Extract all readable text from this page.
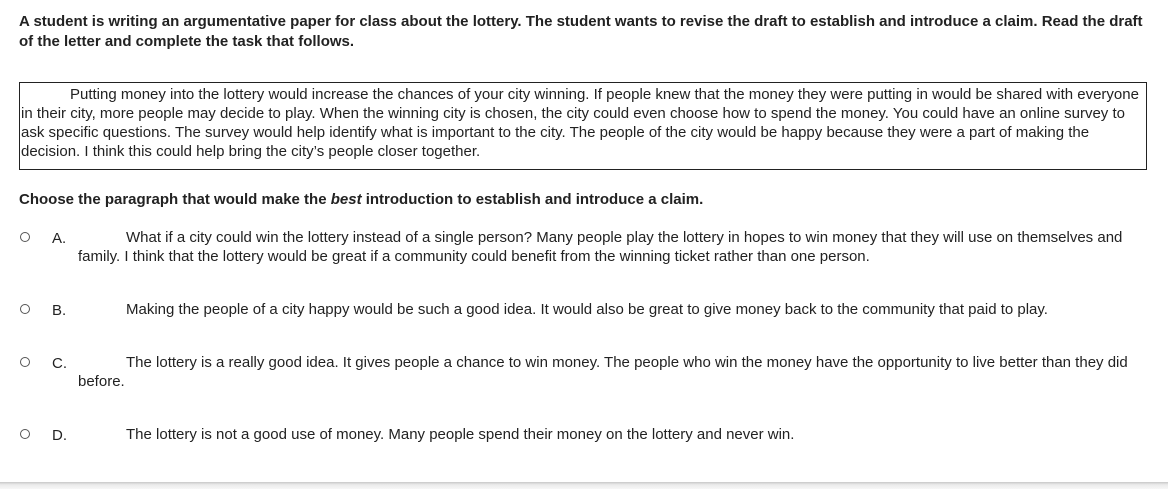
A student is writing an argumentative paper for class about the lottery. The student wants to revise the draft to establish and introduce a claim. Read the draft of the letter and complete the task that follows.

Putting money into the lottery would increase the chances of your city winning. If people knew that the money they were putting in would be shared with everyone in their city, more people may decide to play. When the winning city is chosen, the city could even choose how to spend the money. You could have an online survey to ask specific questions. The survey would help identify what is important to the city. The people of the city would be happy because they were a part of making the decision. I think this could help bring the city’s people closer together.

Choose the paragraph that would make the best introduction to establish and introduce a claim.
A.	What if a city could win the lottery instead of a single person? Many people play the lottery in hopes to win money that they will use on themselves and family. I think that the lottery would be great if a community could benefit from the winning ticket rather than one person.
B.	Making the people of a city happy would be such a good idea. It would also be great to give money back to the community that paid to play.
C.	The lottery is a really good idea. It gives people a chance to win money. The people who win the money have the opportunity to live better than they did before.
D.	The lottery is not a good use of money. Many people spend their money on the lottery and never win.
